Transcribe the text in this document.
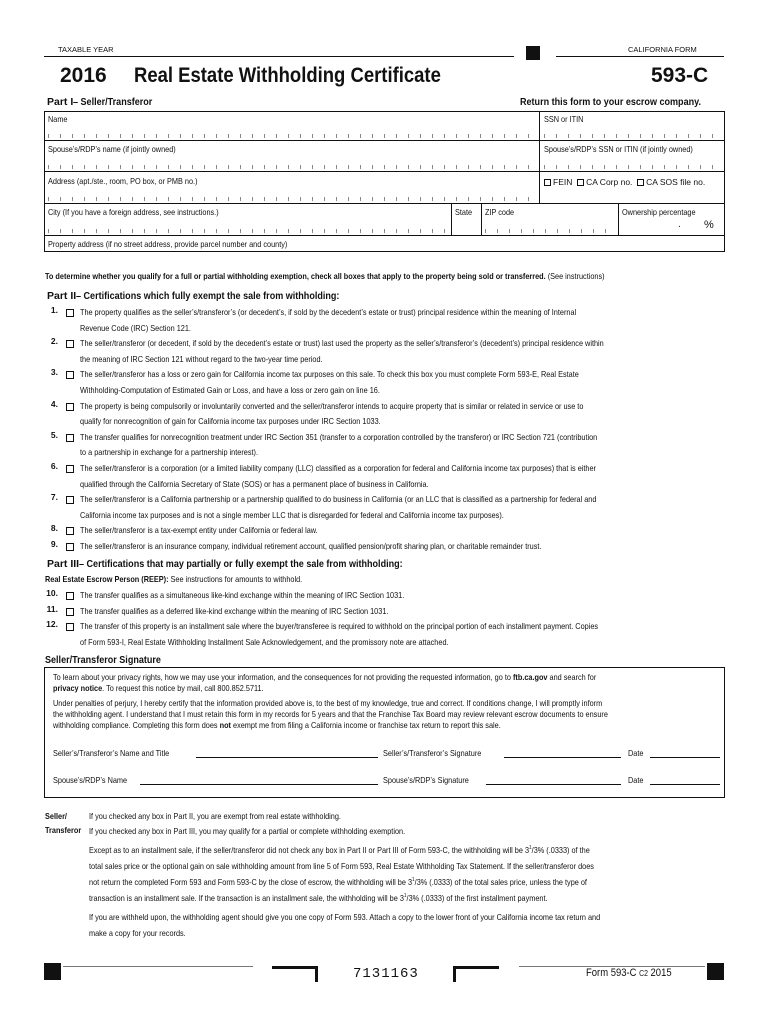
TAXABLE YEAR	CALIFORNIA FORM
2016 Real Estate Withholding Certificate	593-C
Part I– Seller/Transferor	Return this form to your escrow company.
Name	SSN or ITIN
Spouse’s/RDP’s name (if jointly owned)	Spouse’s/RDP’s SSN or ITIN (if jointly owned)
Address (apt./ste., room, PO box, or PMB no.)	FEIN CA Corp no. CA SOS file no.
City (If you have a foreign address, see instructions.)	State ZIP code	Ownership percentage
. %
Property address (if no street address, provide parcel number and county)
To determine whether you qualify for a full or partial withholding exemption, check all boxes that apply to the property being sold or transferred. (See instructions)
Part II– Certifications which fully exempt the sale from withholding:
1.	The property qualifies as the seller’s/transferor’s (or decedent’s, if sold by the decedent’s estate or trust) principal residence within the meaning of Internal
Revenue Code (IRC) Section 121.
2.	The seller/transferor (or decedent, if sold by the decedent’s estate or trust) last used the property as the seller’s/transferor’s (decedent’s) principal residence within
the meaning of IRC Section 121 without regard to the two-year time period.
3.	The seller/transferor has a loss or zero gain for California income tax purposes on this sale. To check this box you must complete Form 593-E, Real Estate
Withholding-Computation of Estimated Gain or Loss, and have a loss or zero gain on line 16.
4.	The property is being compulsorily or involuntarily converted and the seller/transferor intends to acquire property that is similar or related in service or use to
qualify for nonrecognition of gain for California income tax purposes under IRC Section 1033.
5.	The transfer qualifies for nonrecognition treatment under IRC Section 351 (transfer to a corporation controlled by the transferor) or IRC Section 721 (contribution
to a partnership in exchange for a partnership interest).
6.	The seller/transferor is a corporation (or a limited liability company (LLC) classified as a corporation for federal and California income tax purposes) that is either
qualified through the California Secretary of State (SOS) or has a permanent place of business in California.
7.	The seller/transferor is a California partnership or a partnership qualified to do business in California (or an LLC that is classified as a partnership for federal and
California income tax purposes and is not a single member LLC that is disregarded for federal and California income tax purposes).
8.	The seller/transferor is a tax-exempt entity under California or federal law.
9.	The seller/transferor is an insurance company, individual retirement account, qualified pension/profit sharing plan, or charitable remainder trust.
Part III– Certifications that may partially or fully exempt the sale from withholding:
Real Estate Escrow Person (REEP): See instructions for amounts to withhold.
10.	The transfer qualifies as a simultaneous like-kind exchange within the meaning of IRC Section 1031.
11.	The transfer qualifies as a deferred like-kind exchange within the meaning of IRC Section 1031.
12.	The transfer of this property is an installment sale where the buyer/transferee is required to withhold on the principal portion of each installment payment. Copies
of Form 593-I, Real Estate Withholding Installment Sale Acknowledgement, and the promissory note are attached.
Seller/Transferor Signature
To learn about your privacy rights, how we may use your information, and the consequences for not providing the requested information, go to ftb.ca.gov and search for
privacy notice. To request this notice by mail, call 800.852.5711.
Under penalties of perjury, I hereby certify that the information provided above is, to the best of my knowledge, true and correct. If conditions change, I will promptly inform
the withholding agent. I understand that I must retain this form in my records for 5 years and that the Franchise Tax Board may review relevant escrow documents to ensure
withholding compliance. Completing this form does not exempt me from filing a California income or franchise tax return to report this sale.
Seller’s/Transferor’s Name and Title	Seller’s/Transferor’s Signature	Date
Spouse’s/RDP’s Name	Spouse’s/RDP’s Signature	Date
Seller/
Transferor
If you checked any box in Part II, you are exempt from real estate withholding.
If you checked any box in Part III, you may qualify for a partial or complete withholding exemption.
Except as to an installment sale, if the seller/transferor did not check any box in Part II or Part III of Form 593-C, the withholding will be $3^1/3\%$ (.0333) of the
total sales price or the optional gain on sale withholding amount from line 5 of Form 593, Real Estate Withholding Tax Statement. If the seller/transferor does
not return the completed Form 593 and Form 593-C by the close of escrow, the withholding will be $3^1/3\%$ (.0333) of the total sales price, unless the type of
transaction is an installment sale. If the transaction is an installment sale, the withholding will be $3^1/3\%$ (.0333) of the first installment payment.
If you are withheld upon, the withholding agent should give you one copy of Form 593. Attach a copy to the lower front of your California income tax return and
make a copy for your records.
7131163	Form 593-C C2 2015
